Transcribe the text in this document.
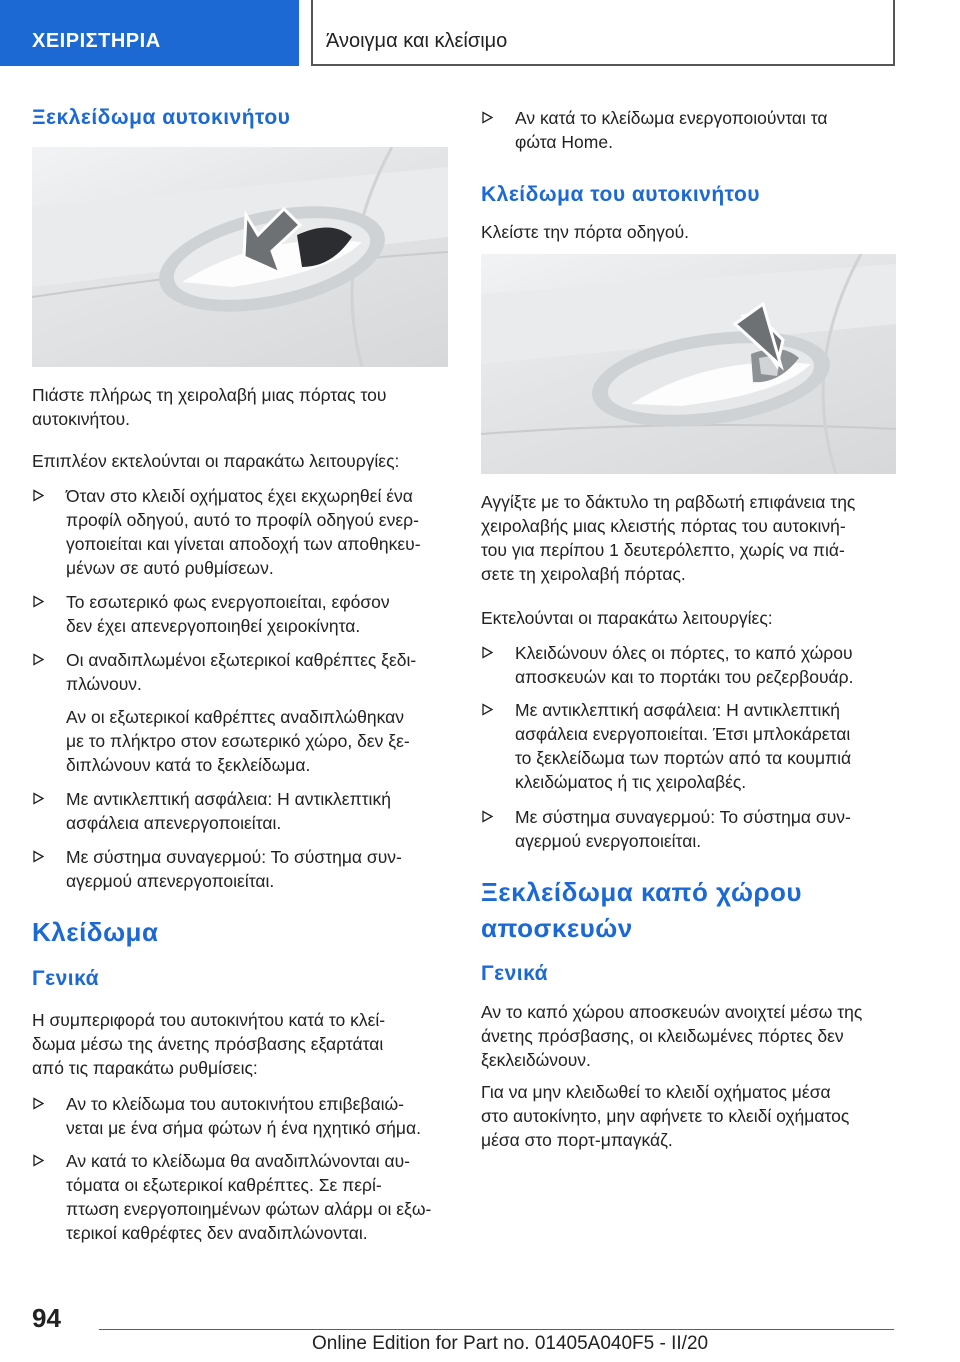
ΧΕΙΡΙΣΤΗΡΙΑ	Άνοιγμα και κλείσιμο
Ξεκλείδωμα αυτοκινήτου
Πιάστε πλήρως τη χειρολαβή μιας πόρτας του
αυτοκινήτου.
Επιπλέον εκτελούνται οι παρακάτω λειτουργίες:
Όταν στο κλειδί οχήματος έχει εκχωρηθεί ένα
προφίλ οδηγού, αυτό το προφίλ οδηγού ενερ-
γοποιείται και γίνεται αποδοχή των αποθηκευ-
μένων σε αυτό ρυθμίσεων.
Το εσωτερικό φως ενεργοποιείται, εφόσον
δεν έχει απενεργοποιηθεί χειροκίνητα.
Οι αναδιπλωμένοι εξωτερικοί καθρέπτες ξεδι-
πλώνουν.
Αν οι εξωτερικοί καθρέπτες αναδιπλώθηκαν
με το πλήκτρο στον εσωτερικό χώρο, δεν ξε-
διπλώνουν κατά το ξεκλείδωμα.
Με αντικλεπτική ασφάλεια: Η αντικλεπτική
ασφάλεια απενεργοποιείται.
Με σύστημα συναγερμού: Το σύστημα συν-
αγερμού απενεργοποιείται.
Κλείδωμα
Γενικά
Η συμπεριφορά του αυτοκινήτου κατά το κλεί-
δωμα μέσω της άνετης πρόσβασης εξαρτάται
από τις παρακάτω ρυθμίσεις:
Αν το κλείδωμα του αυτοκινήτου επιβεβαιώ-
νεται με ένα σήμα φώτων ή ένα ηχητικό σήμα.
Αν κατά το κλείδωμα θα αναδιπλώνονται αυ-
τόματα οι εξωτερικοί καθρέπτες. Σε περί-
πτωση ενεργοποιημένων φώτων αλάρμ οι εξω-
τερικοί καθρέφτες δεν αναδιπλώνονται.
Αν κατά το κλείδωμα ενεργοποιούνται τα
φώτα Home.
Κλείδωμα του αυτοκινήτου
Κλείστε την πόρτα οδηγού.
Αγγίξτε με το δάκτυλο τη ραβδωτή επιφάνεια της
χειρολαβής μιας κλειστής πόρτας του αυτοκινή-
του για περίπου 1 δευτερόλεπτο, χωρίς να πιά-
σετε τη χειρολαβή πόρτας.
Εκτελούνται οι παρακάτω λειτουργίες:
Κλειδώνουν όλες οι πόρτες, το καπό χώρου
αποσκευών και το πορτάκι του ρεζερβουάρ.
Με αντικλεπτική ασφάλεια: Η αντικλεπτική
ασφάλεια ενεργοποιείται. Έτσι μπλοκάρεται
το ξεκλείδωμα των πορτών από τα κουμπιά
κλειδώματος ή τις χειρολαβές.
Με σύστημα συναγερμού: Το σύστημα συν-
αγερμού ενεργοποιείται.
Ξεκλείδωμα καπό χώρου
αποσκευών
Γενικά
Αν το καπό χώρου αποσκευών ανοιχτεί μέσω της
άνετης πρόσβασης, οι κλειδωμένες πόρτες δεν
ξεκλειδώνουν.
Για να μην κλειδωθεί το κλειδί οχήματος μέσα
στο αυτοκίνητο, μην αφήνετε το κλειδί οχήματος
μέσα στο πορτ-μπαγκάζ.
94
Online Edition for Part no. 01405A040F5 - II/20
